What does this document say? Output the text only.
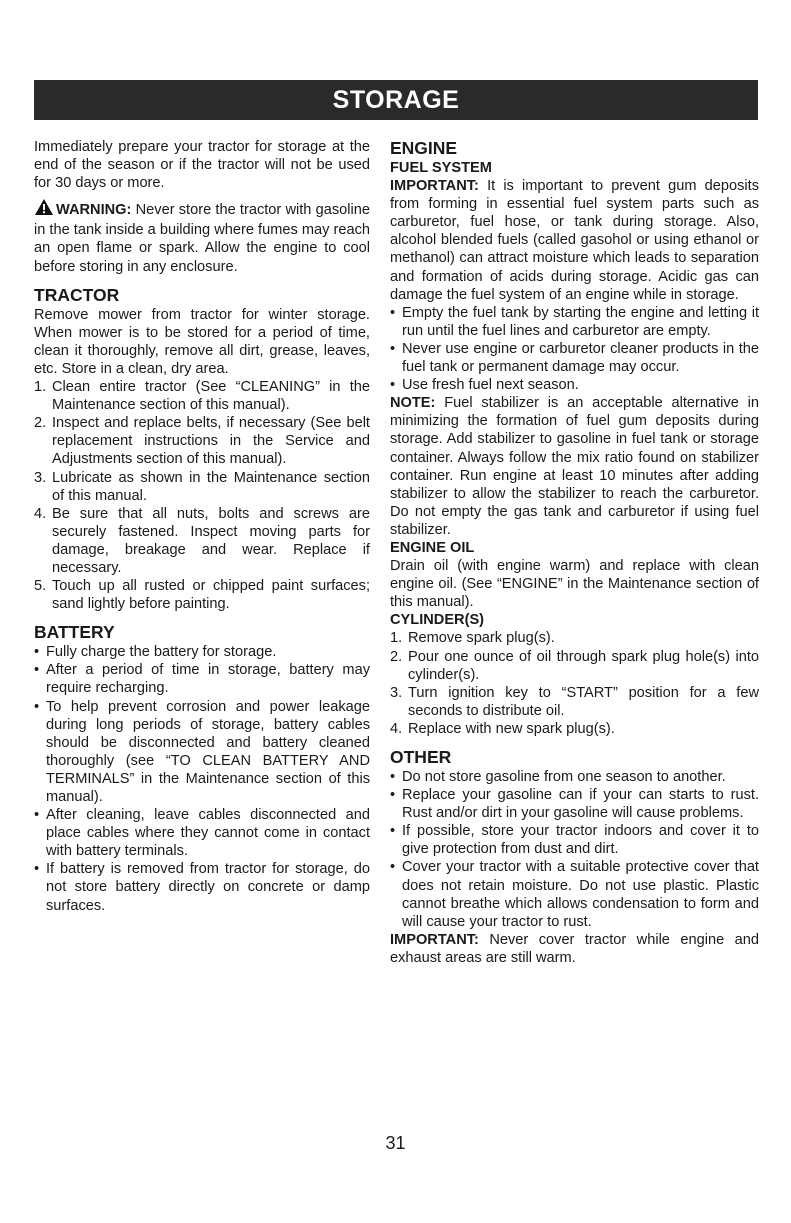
STORAGE

Immediately prepare your tractor for storage at the end of the season or if the tractor will not be used for 30 days or more.

WARNING: Never store the tractor with gasoline in the tank inside a building where fumes may reach an open flame or spark. Allow the engine to cool before storing in any enclosure.

TRACTOR

Remove mower from tractor for winter storage. When mower is to be stored for a period of time, clean it thoroughly, remove all dirt, grease, leaves, etc. Store in a clean, dry area.

1. Clean entire tractor (See “CLEANING” in the Maintenance section of this manual).
2. Inspect and replace belts, if necessary (See belt replacement instructions in the Service and Adjustments section of this manual).
3. Lubricate as shown in the Maintenance section of this manual.
4. Be sure that all nuts, bolts and screws are securely fastened. Inspect moving parts for damage, breakage and wear. Replace if necessary.
5. Touch up all rusted or chipped paint surfaces; sand lightly before painting.
BATTERY
• Fully charge the battery for storage.
• After a period of time in storage, battery may require recharging.
• To help prevent corrosion and power leakage during long periods of storage, battery cables should be disconnected and battery cleaned thoroughly (see “TO CLEAN BATTERY AND TERMINALS” in the Maintenance section of this manual).
• After cleaning, leave cables disconnected and place cables where they cannot come in contact with battery terminals.
• If battery is removed from tractor for storage, do not store battery directly on concrete or damp surfaces.
ENGINE
FUEL SYSTEM

IMPORTANT: It is important to prevent gum deposits from forming in essential fuel system parts such as carburetor, fuel hose, or tank during storage. Also, alcohol blended fuels (called gasohol or using ethanol or methanol) can attract moisture which leads to separation and formation of acids during storage. Acidic gas can damage the fuel system of an engine while in storage.

• Empty the fuel tank by starting the engine and letting it run until the fuel lines and carburetor are empty.
• Never use engine or carburetor cleaner products in the fuel tank or permanent damage may occur.
• Use fresh fuel next season.

NOTE: Fuel stabilizer is an acceptable alternative in minimizing the formation of fuel gum deposits during storage. Add stabilizer to gasoline in fuel tank or storage container. Always follow the mix ratio found on stabilizer container. Run engine at least 10 minutes after adding stabilizer to allow the stabilizer to reach the carburetor. Do not empty the gas tank and carburetor if using fuel stabilizer.

ENGINE OIL

Drain oil (with engine warm) and replace with clean engine oil. (See “ENGINE” in the Maintenance section of this manual).

CYLINDER(S)
1. Remove spark plug(s).
2. Pour one ounce of oil through spark plug hole(s) into cylinder(s).
3. Turn ignition key to “START” position for a few seconds to distribute oil.
4. Replace with new spark plug(s).
OTHER
• Do not store gasoline from one season to another.
• Replace your gasoline can if your can starts to rust. Rust and/or dirt in your gasoline will cause problems.
• If possible, store your tractor indoors and cover it to give protection from dust and dirt.
• Cover your tractor with a suitable protective cover that does not retain moisture. Do not use plastic. Plastic cannot breathe which allows condensation to form and will cause your tractor to rust.

IMPORTANT: Never cover tractor while engine and exhaust areas are still warm.

31
